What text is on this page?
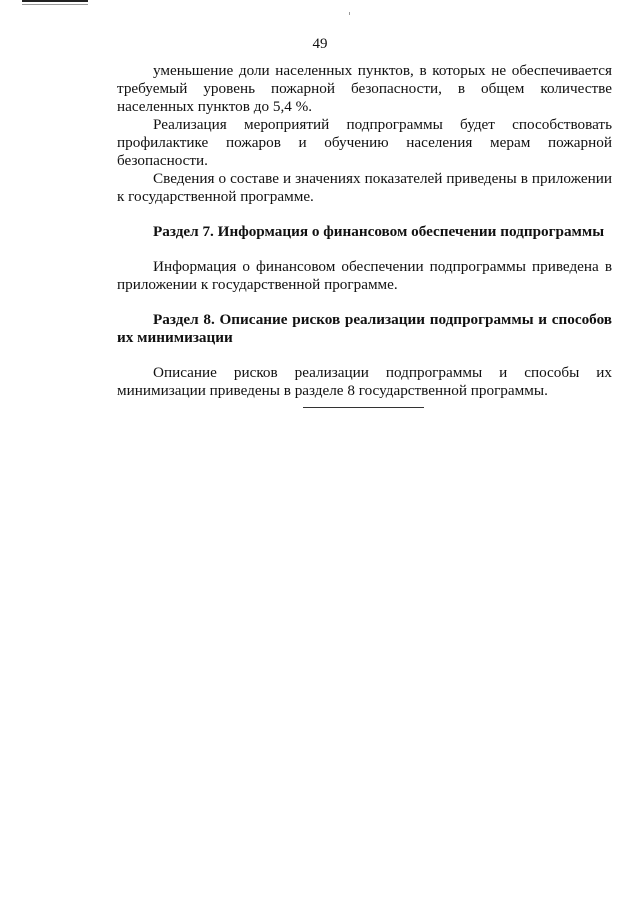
49

уменьшение доли населенных пунктов, в которых не обеспечивается требуемый уровень пожарной безопасности, в общем количестве населенных пунктов до 5,4 %.

Реализация мероприятий подпрограммы будет способствовать профилактике пожаров и обучению населения мерам пожарной безопасности.

Сведения о составе и значениях показателей приведены в приложении к государственной программе.

Раздел 7. Информация о финансовом обеспечении подпрограммы

Информация о финансовом обеспечении подпрограммы приведена в приложении к государственной программе.

Раздел 8. Описание рисков реализации подпрограммы и способов их минимизации

Описание рисков реализации подпрограммы и способы их минимизации приведены в разделе 8 государственной программы.
